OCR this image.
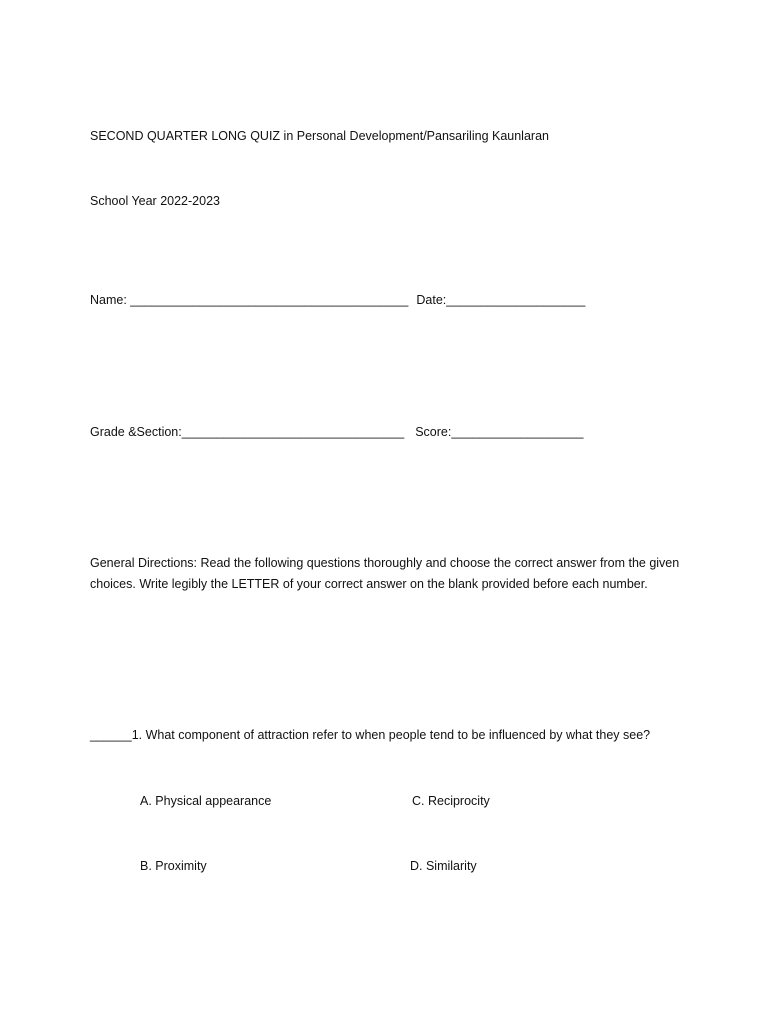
SECOND QUARTER LONG QUIZ in Personal Development/Pansariling Kaunlaran
School Year 2022-2023
Name: ________________________________________ Date:____________________
Grade &Section:________________________________ Score:___________________
General Directions: Read the following questions thoroughly and choose the correct answer from the given choices. Write legibly the LETTER of your correct answer on the blank provided before each number.
______1. What component of attraction refer to when people tend to be influenced by what they see?
A. Physical appearance	C. Reciprocity
B. Proximity	D. Similarity
